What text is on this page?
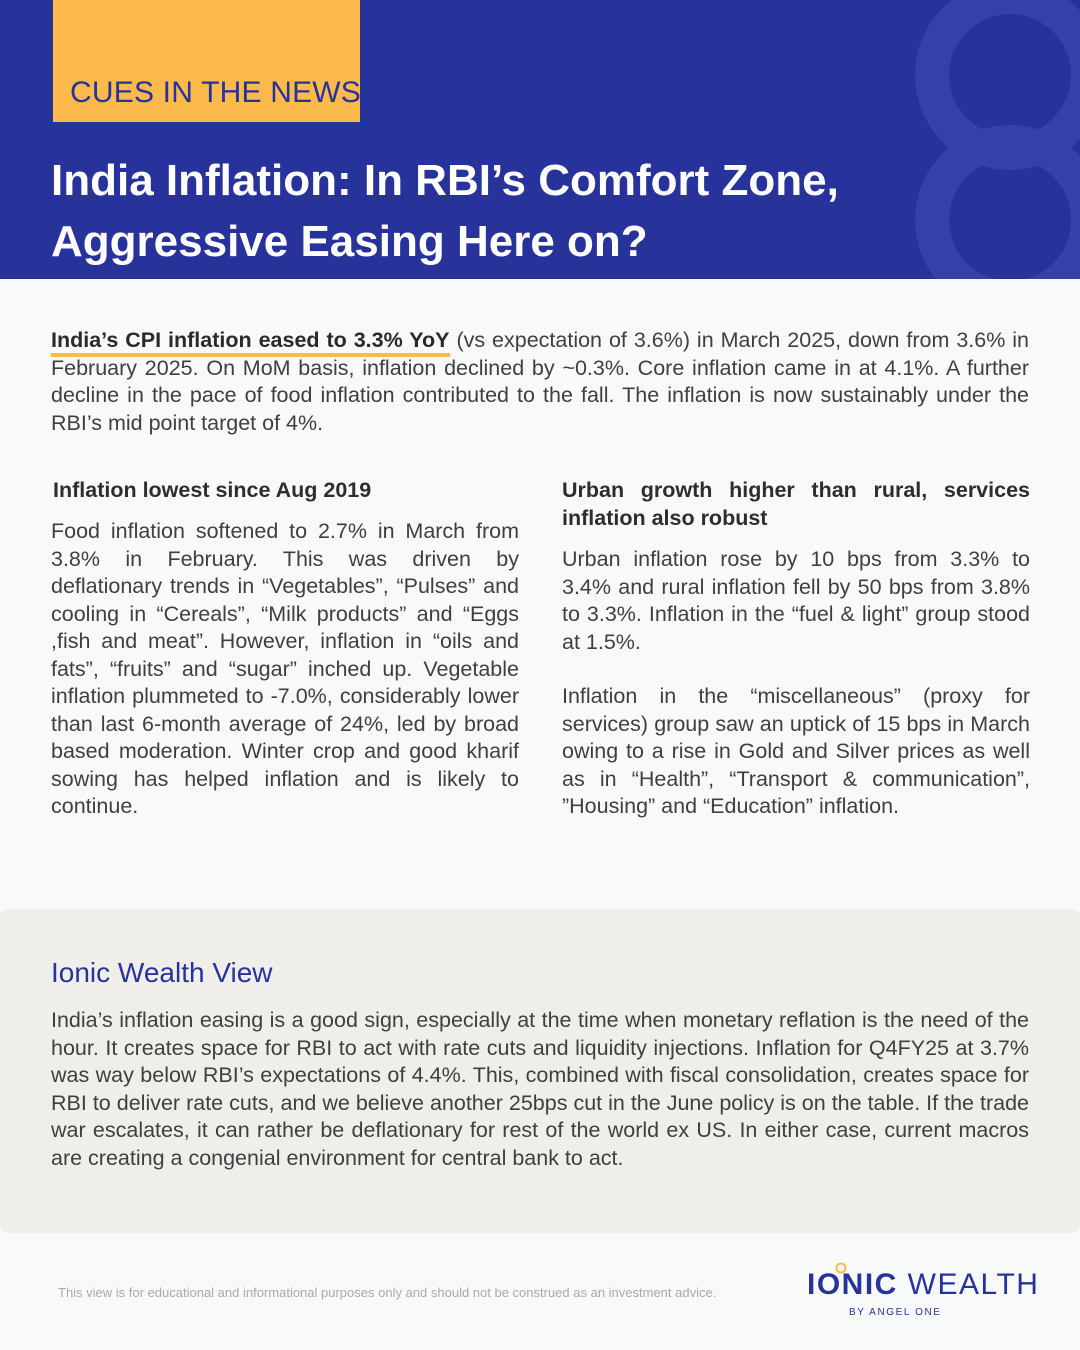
CUES IN THE NEWS
India Inflation: In RBI’s Comfort Zone,
Aggressive Easing Here on?
India’s CPI inflation eased to 3.3% YoY (vs expectation of 3.6%) in March 2025, down from 3.6% in February 2025. On MoM basis, inflation declined by ~0.3%. Core inflation came in at 4.1%. A further decline in the pace of food inflation contributed to the fall. The inflation is now sustainably under the RBI’s mid point target of 4%.
Inflation lowest since Aug 2019

Food inflation softened to 2.7% in March from 3.8% in February. This was driven by deflationary trends in “Vegetables”, “Pulses” and cooling in “Cereals”, “Milk products” and “Eggs ,fish and meat”. However, inflation in “oils and fats”, “fruits” and “sugar” inched up. Vegetable inflation plummeted to -7.0%, considerably lower than last 6-month average of 24%, led by broad based moderation. Winter crop and good kharif sowing has helped inflation and is likely to continue.

Urban growth higher than rural, services inflation also robust

Urban inflation rose by 10 bps from 3.3% to 3.4% and rural inflation fell by 50 bps from 3.8% to 3.3%. Inflation in the “fuel & light” group stood at 1.5%.

Inflation in the “miscellaneous” (proxy for services) group saw an uptick of 15 bps in March owing to a rise in Gold and Silver prices as well as in “Health”, “Transport & communication”, ”Housing” and “Education” inflation.

Ionic Wealth View

India’s inflation easing is a good sign, especially at the time when monetary reflation is the need of the hour. It creates space for RBI to act with rate cuts and liquidity injections. Inflation for Q4FY25 at 3.7% was way below RBI’s expectations of 4.4%. This, combined with fiscal consolidation, creates space for RBI to deliver rate cuts, and we believe another 25bps cut in the June policy is on the table. If the trade war escalates, it can rather be deflationary for rest of the world ex US. In either case, current macros are creating a congenial environment for central bank to act.

This view is for educational and informational purposes only and should not be construed as an investment advice.	IONIC WEALTH
BY ANGEL ONE
